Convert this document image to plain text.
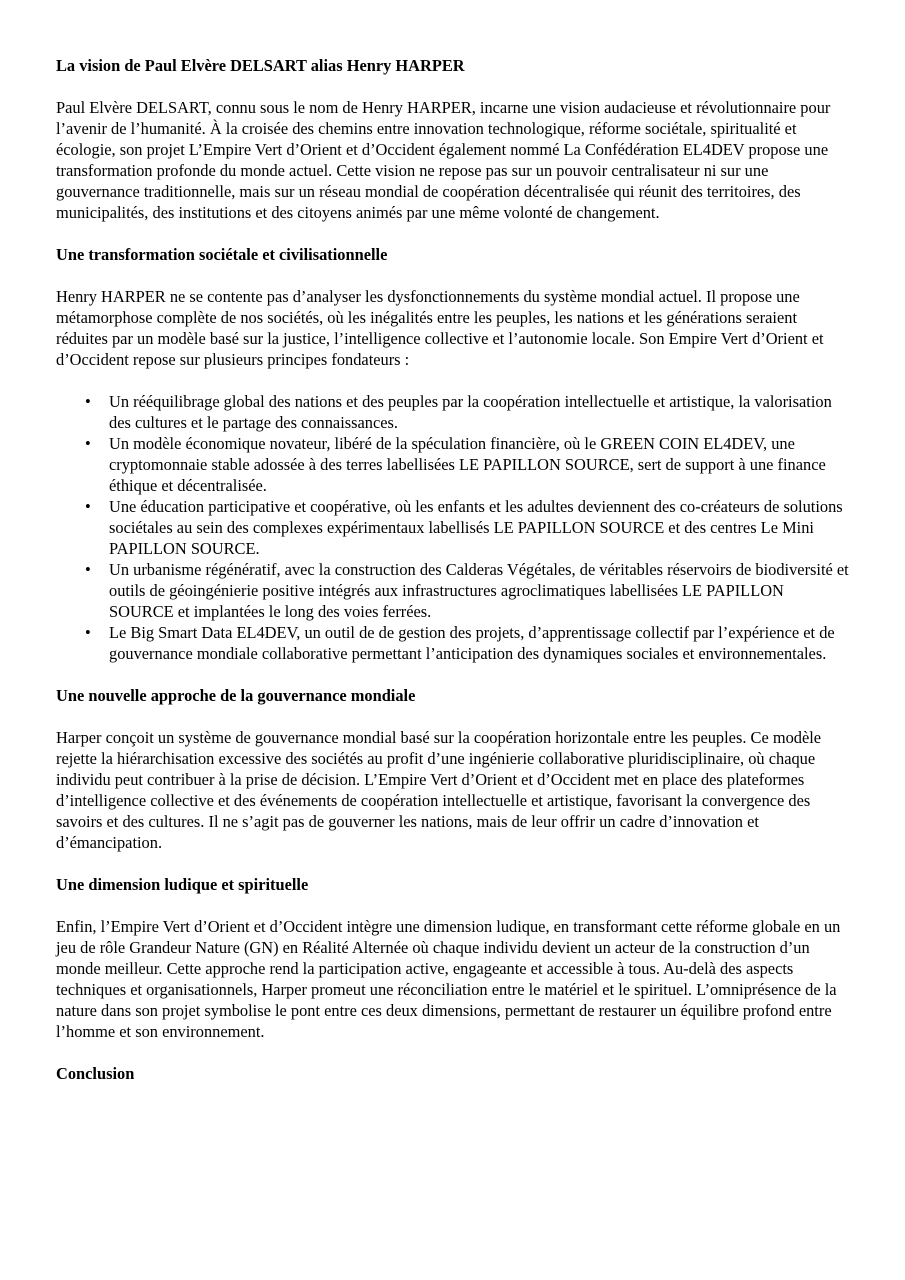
La vision de Paul Elvère DELSART alias Henry HARPER

Paul Elvère DELSART, connu sous le nom de Henry HARPER, incarne une vision audacieuse et révolutionnaire pour l’avenir de l’humanité. À la croisée des chemins entre innovation technologique, réforme sociétale, spiritualité et écologie, son projet L’Empire Vert d’Orient et d’Occident également nommé La Confédération EL4DEV propose une transformation profonde du monde actuel. Cette vision ne repose pas sur un pouvoir centralisateur ni sur une gouvernance traditionnelle, mais sur un réseau mondial de coopération décentralisée qui réunit des territoires, des municipalités, des institutions et des citoyens animés par une même volonté de changement.

Une transformation sociétale et civilisationnelle

Henry HARPER ne se contente pas d’analyser les dysfonctionnements du système mondial actuel. Il propose une métamorphose complète de nos sociétés, où les inégalités entre les peuples, les nations et les générations seraient réduites par un modèle basé sur la justice, l’intelligence collective et l’autonomie locale. Son Empire Vert d’Orient et d’Occident repose sur plusieurs principes fondateurs :

• Un rééquilibrage global des nations et des peuples par la coopération intellectuelle et artistique, la valorisation des cultures et le partage des connaissances.
• Un modèle économique novateur, libéré de la spéculation financière, où le GREEN COIN EL4DEV, une cryptomonnaie stable adossée à des terres labellisées LE PAPILLON SOURCE, sert de support à une finance éthique et décentralisée.
• Une éducation participative et coopérative, où les enfants et les adultes deviennent des co-créateurs de solutions sociétales au sein des complexes expérimentaux labellisés LE PAPILLON SOURCE et des centres Le Mini PAPILLON SOURCE.
• Un urbanisme régénératif, avec la construction des Calderas Végétales, de véritables réservoirs de biodiversité et outils de géoingénierie positive intégrés aux infrastructures agroclimatiques labellisées LE PAPILLON SOURCE et implantées le long des voies ferrées.
• Le Big Smart Data EL4DEV, un outil de de gestion des projets, d’apprentissage collectif par l’expérience et de gouvernance mondiale collaborative permettant l’anticipation des dynamiques sociales et environnementales.

Une nouvelle approche de la gouvernance mondiale

Harper conçoit un système de gouvernance mondial basé sur la coopération horizontale entre les peuples. Ce modèle rejette la hiérarchisation excessive des sociétés au profit d’une ingénierie collaborative pluridisciplinaire, où chaque individu peut contribuer à la prise de décision. L’Empire Vert d’Orient et d’Occident met en place des plateformes d’intelligence collective et des événements de coopération intellectuelle et artistique, favorisant la convergence des savoirs et des cultures. Il ne s’agit pas de gouverner les nations, mais de leur offrir un cadre d’innovation et d’émancipation.

Une dimension ludique et spirituelle

Enfin, l’Empire Vert d’Orient et d’Occident intègre une dimension ludique, en transformant cette réforme globale en un jeu de rôle Grandeur Nature (GN) en Réalité Alternée où chaque individu devient un acteur de la construction d’un monde meilleur. Cette approche rend la participation active, engageante et accessible à tous. Au-delà des aspects techniques et organisationnels, Harper promeut une réconciliation entre le matériel et le spirituel. L’omniprésence de la nature dans son projet symbolise le pont entre ces deux dimensions, permettant de restaurer un équilibre profond entre l’homme et son environnement.

Conclusion
